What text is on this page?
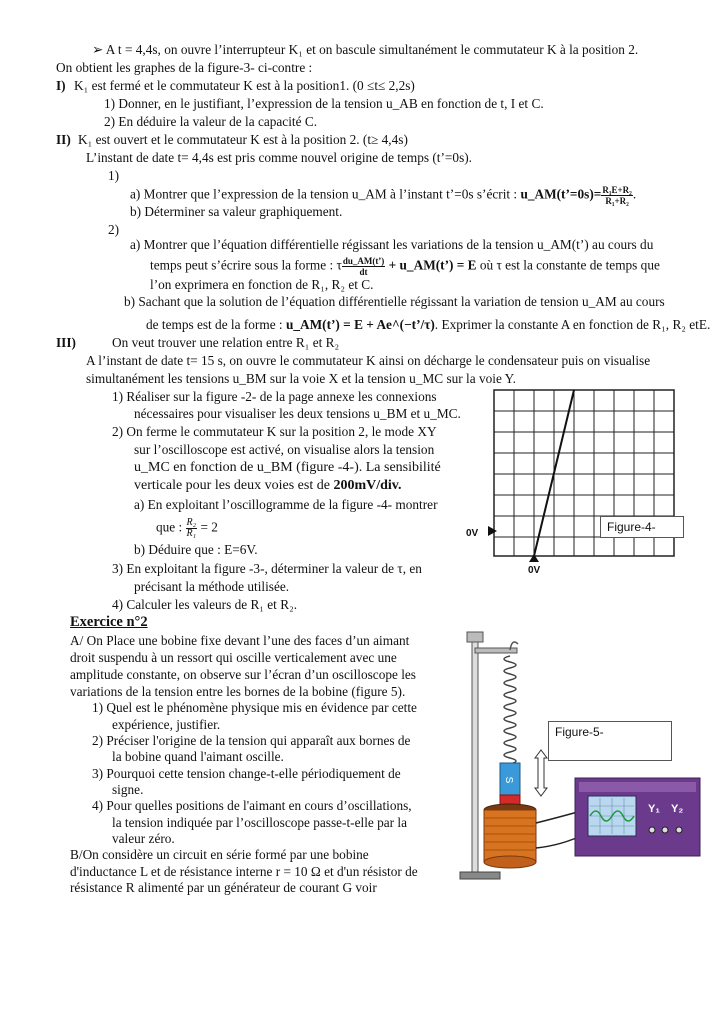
➢ A t = 4,4s, on ouvre l’interrupteur K₁ et on bascule simultanément le commutateur K à la position 2.
On obtient les graphes de la figure-3- ci-contre :
I) K₁ est fermé et le commutateur K est à la position1. (0 ≤t≤ 2,2s)
1) Donner, en le justifiant, l’expression de la tension u_AB en fonction de t, I et C.
2) En déduire la valeur de la capacité C.
II) K₁ est ouvert et le commutateur K est à la position 2. (t≥ 4,4s)
L’instant de date t= 4,4s est pris comme nouvel origine de temps (t’=0s).
1)
a) Montrer que l’expression de la tension u_AM à l’instant t’=0s s’écrit : u_AM(t’=0s)= $\frac{\text{R₁E+R₂}}{\text{R₁+R₂}}$ .
b) Déterminer sa valeur graphiquement.
2)
a) Montrer que l’équation différentielle régissant les variations de la tension u_AM(t’) au cours du
temps peut s’écrire sous la forme : τ $\frac{du\_AM(t’)}{dt}$ + u_AM(t’) = E où τ est la constante de temps que
l’on exprimera en fonction de R₁, R₂ et C.
b) Sachant que la solution de l’équation différentielle régissant la variation de tension u_AM au cours
de temps est de la forme : u_AM(t’) = E + Ae^(−t’/τ). Exprimer la constante A en fonction de R₁, R₂ etE.
III)	On veut trouver une relation entre R₁ et R₂
A l’instant de date t= 15 s, on ouvre le commutateur K ainsi on décharge le condensateur puis on visualise
simultanément les tensions u_BM sur la voie X et la tension u_MC sur la voie Y.
1) Réaliser sur la figure -2- de la page annexe les connexions
nécessaires pour visualiser les deux tensions u_BM et u_MC.
2) On ferme le commutateur K sur la position 2, le mode XY
sur l’oscilloscope est activé, on visualise alors la tension
u_MC en fonction de u_BM (figure -4-). La sensibilité
verticale pour les deux voies est de 200mV/div.
a) En exploitant l’oscillogramme de la figure -4- montrer
que : $\frac{\text{R₂}}{\text{R₁}} = 2$
b) Déduire que : E=6V.
3) En exploitant la figure -3-, déterminer la valeur de τ, en
précisant la méthode utilisée.
4) Calculer les valeurs de R₁ et R₂.
Exercice n°2
A/ On Place une bobine fixe devant l’une des faces d’un aimant
droit suspendu à un ressort qui oscille verticalement avec une
amplitude constante, on observe sur l’écran d’un oscilloscope les
variations de la tension entre les bornes de la bobine (figure 5).
1) Quel est le phénomène physique mis en évidence par cette
expérience, justifier.
2) Préciser l'origine de la tension qui apparaît aux bornes de
la bobine quand l'aimant oscille.
3) Pourquoi cette tension change-t-elle périodiquement de
signe.
4) Pour quelles positions de l'aimant en cours d’oscillations,
la tension indiquée par l’oscilloscope passe-t-elle par la
valeur zéro.
B/On considère un circuit en série formé par une bobine
d'inductance L et de résistance interne r = 10 Ω et d'un résistor de
résistance R alimenté par un générateur de courant G voir
0V
0V
Figure-4-
S
Y₁ Y₂
Figure-5-
